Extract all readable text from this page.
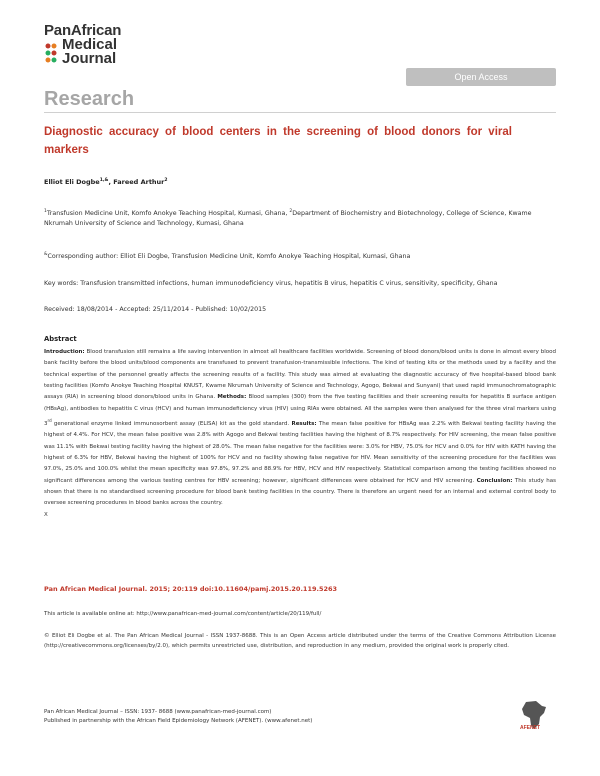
PanAfrican
Medical
Journal
Open Access
Research
Diagnostic accuracy of blood centers in the screening of blood donors for viral markers
Elliot Eli Dogbe$^{1,\&}$, Fareed Arthur$^2$
$^1$Transfusion Medicine Unit, Komfo Anokye Teaching Hospital, Kumasi, Ghana, $^2$Department of Biochemistry and Biotechnology, College of Science, Kwame Nkrumah University of Science and Technology, Kumasi, Ghana
&Corresponding author: Elliot Eli Dogbe, Transfusion Medicine Unit, Komfo Anokye Teaching Hospital, Kumasi, Ghana
Key words: Transfusion transmitted infections, human immunodeficiency virus, hepatitis B virus, hepatitis C virus, sensitivity, specificity, Ghana
Received: 18/08/2014 - Accepted: 25/11/2014 - Published: 10/02/2015
Abstract
Introduction: Blood transfusion still remains a life saving intervention in almost all healthcare facilities worldwide. Screening of blood donors/blood units is done in almost every blood bank facility before the blood units/blood components are transfused to prevent transfusion-transmissible infections. The kind of testing kits or the methods used by a facility and the technical expertise of the personnel greatly affects the screening results of a facility. This study was aimed at evaluating the diagnostic accuracy of five hospital-based blood bank testing facilities (Komfo Anokye Teaching Hospital KNUST, Kwame Nkrumah University of Science and Technology, Agogo, Bekwai and Sunyani) that used rapid immunochromatographic assays (RIA) in screening blood donors/blood units in Ghana. Methods: Blood samples (300) from the five testing facilities and their screening results for hepatitis B surface antigen (HBsAg), antibodies to hepatitis C virus (HCV) and human immunodeficiency virus (HIV) using RIAs were obtained. All the samples were then analysed for the three viral markers using 3rd generational enzyme linked immunosorbent assay (ELISA) kit as the gold standard. Results: The mean false positive for HBsAg was 2.2% with Bekwai testing facility having the highest of 4.4%. For HCV, the mean false positive was 2.8% with Agogo and Bekwai testing facilities having the highest of 8.7% respectively. For HIV screening, the mean false positive was 11.1% with Bekwai testing facility having the highest of 28.0%. The mean false negative for the facilities were: 3.0% for HBV, 75.0% for HCV and 0.0% for HIV with KATH having the highest of 6.3% for HBV, Bekwai having the highest of 100% for HCV and no facility showing false negative for HIV. Mean sensitivity of the screening procedure for the facilities was 97.0%, 25.0% and 100.0% whilst the mean specificity was 97.8%, 97.2% and 88.9% for HBV, HCV and HIV respectively. Statistical comparison among the testing facilities showed no significant differences among the various testing centres for HBV screening; however, significant differences were obtained for HCV and HIV screening. Conclusion: This study has shown that there is no standardised screening procedure for blood bank testing facilities in the country. There is therefore an urgent need for an internal and external control body to oversee screening procedures in blood banks across the country.
X
Pan African Medical Journal. 2015; 20:119 doi:10.11604/pamj.2015.20.119.5263
This article is available online at: http://www.panafrican-med-journal.com/content/article/20/119/full/
© Elliot Eli Dogbe et al. The Pan African Medical Journal - ISSN 1937-8688. This is an Open Access article distributed under the terms of the Creative Commons Attribution License (http://creativecommons.org/licenses/by/2.0), which permits unrestricted use, distribution, and reproduction in any medium, provided the original work is properly cited.
Pan African Medical Journal – ISSN: 1937- 8688 (www.panafrican-med-journal.com)
Published in partnership with the African Field Epidemiology Network (AFENET). (www.afenet.net)
AFENET
